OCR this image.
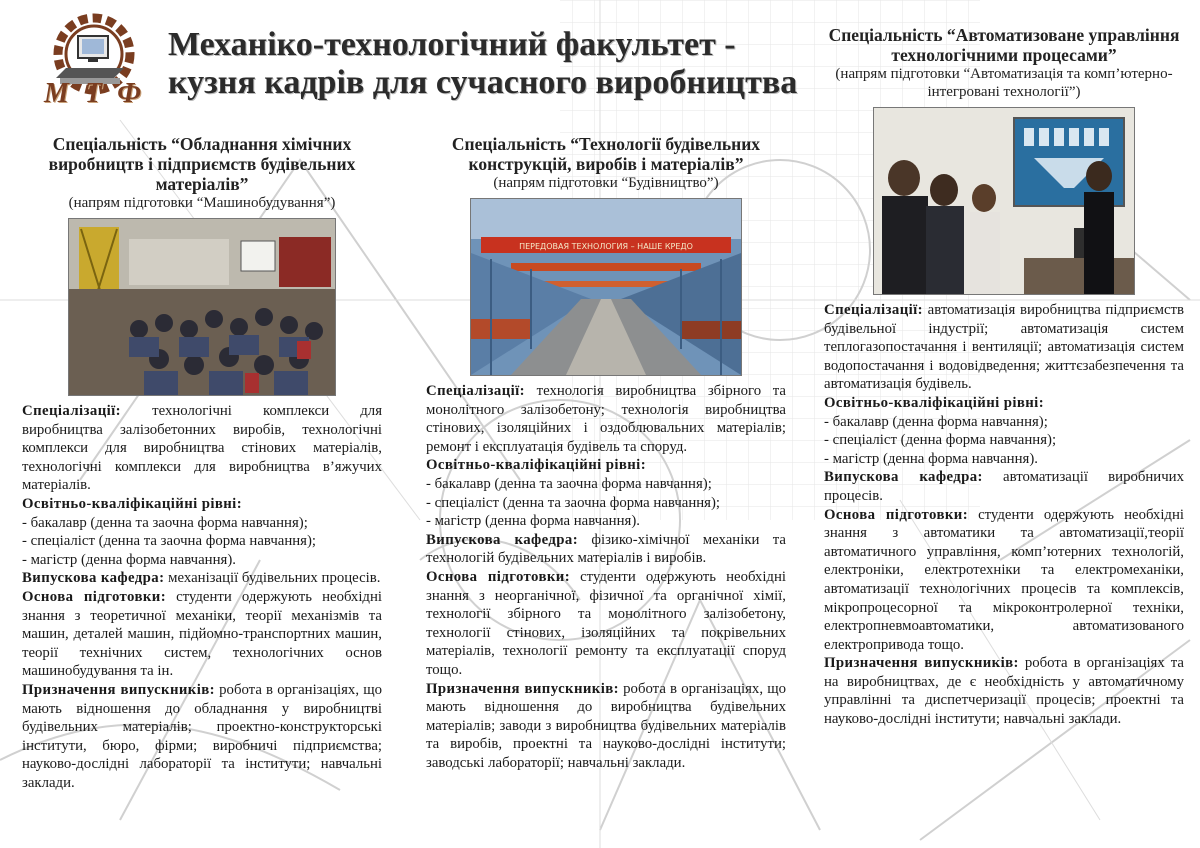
МТФ
Механіко-технологічний факультет -
кузня кадрів для сучасного виробництва
Спеціальність “Обладнання хімічних виробництв і підприємств будівельних матеріалів”
(напрям підготовки “Машинобудування”)

Спеціалізації: технологічні комплекси для виробництва залізобетонних виробів, технологічні комплекси для виробництва стінових матеріалів, технологічні комплекси для виробництва в’яжучих матеріалів.

Освітньо-кваліфікаційні рівні:

- бакалавр (денна та заочна форма навчання);

- спеціаліст (денна та заочна форма навчання);

- магістр (денна форма навчання).

Випускова кафедра: механізації будівельних процесів.

Основа підготовки: студенти одержують необхідні знання з теоретичної механіки, теорії механізмів та машин, деталей машин, підйомно-транспортних машин, теорії технічних систем, технологічних основ машинобудування та ін.

Призначення випускників: робота в організаціях, що мають відношення до обладнання у виробництві будівельних матеріалів; проектно-конструкторські інститути, бюро, фірми; виробничі підприємства; науково-дослідні лабораторії та інститути; навчальні заклади.

Спеціальність “Технології будівельних конструкцій, виробів і матеріалів”
(напрям підготовки “Будівництво”)
ПЕРЕДОВАЯ ТЕХНОЛОГИЯ – НАШЕ КРЕДО

Спеціалізації: технологія виробництва збірного та монолітного залізобетону; технологія виробництва стінових, ізоляційних і оздоблювальних матеріалів; ремонт і експлуатація будівель та споруд.

Освітньо-кваліфікаційні рівні:

- бакалавр (денна та заочна форма навчання);

- спеціаліст (денна та заочна форма навчання);

- магістр (денна форма навчання).

Випускова кафедра: фізико-хімічної механіки та технологій будівельних матеріалів і виробів.

Основа підготовки: студенти одержують необхідні знання з неорганічної, фізичної та органічної хімії, технології збірного та монолітного залізобетону, технології стінових, ізоляційних та покрівельних матеріалів, технології ремонту та експлуатації споруд тощо.

Призначення випускників: робота в організаціях, що мають відношення до виробництва будівельних матеріалів; заводи з виробництва будівельних матеріалів та виробів, проектні та науково-дослідні інститути; заводські лабораторії; навчальні заклади.

Спеціальність “Автоматизоване управління технологічними процесами”
(напрям підготовки “Автоматизація та комп’ютерно-інтегровані технології”)

Спеціалізації: автоматизація виробництва підприємств будівельної індустрії; автоматизація систем теплогазопостачання і вентиляції; автоматизація систем водопостачання і водовідведення; життєзабезпечення та автоматизація будівель.

Освітньо-кваліфікаційні рівні:

- бакалавр (денна форма навчання);

- спеціаліст (денна форма навчання);

- магістр (денна форма навчання).

Випускова кафедра: автоматизації виробничих процесів.

Основа підготовки: студенти одержують необхідні знання з автоматики та автоматизації,теорії автоматичного управління, комп’ютерних технологій, електроніки, електротехніки та електромеханіки, автоматизації технологічних процесів та комплексів, мікропроцесорної та мікроконтролерної техніки, електропневмоавтоматики, автоматизованого електропривода тощо.

Призначення випускників: робота в організаціях та на виробництвах, де є необхідність у автоматичному управлінні та диспетчеризації процесів; проектні та науково-дослідні інститути; навчальні заклади.
